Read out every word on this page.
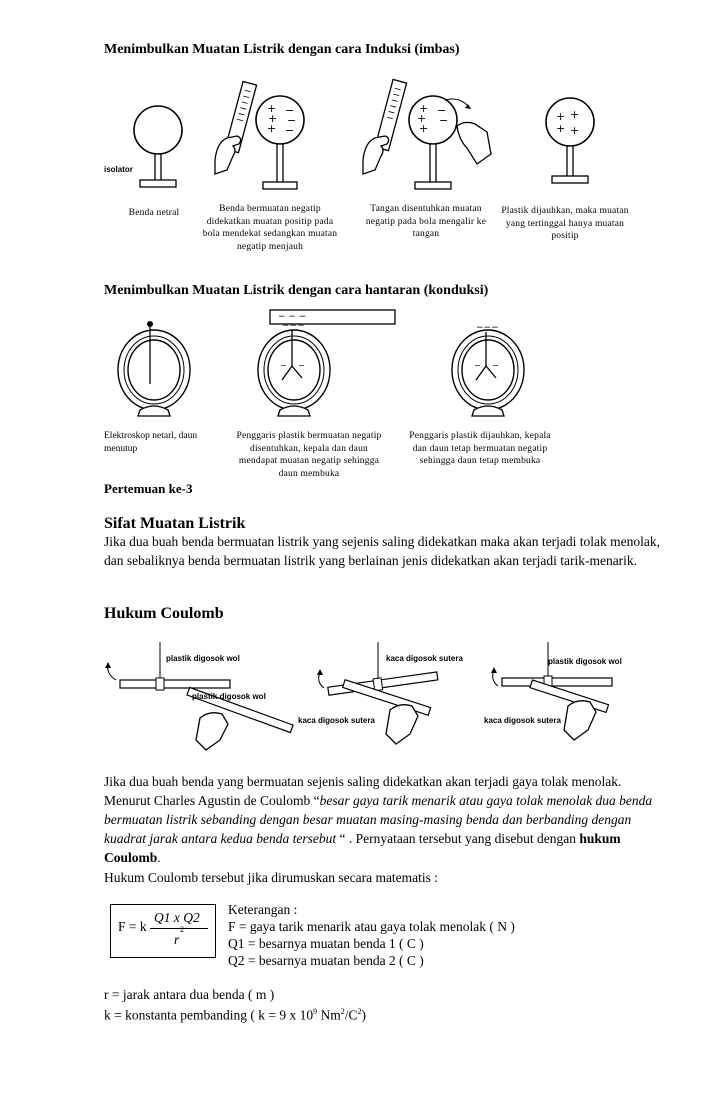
Menimbulkan Muatan Listrik dengan cara Induksi (imbas)
isolator
+
+
+
−
−
−
+
+
+
−
−	+ +
+ +
Benda netral	Benda bermuatan negatip didekatkan muatan positip pada bola mendekat sedangkan muatan negatip menjauh
Tangan disentuhkan muatan negatip pada bola mengalir ke tangan
Plastik dijauhkan, maka muatan yang tertinggal hanya muatan positip
Menimbulkan Muatan Listrik dengan cara hantaran (konduksi)
− − −
−−−
− −
−−−
− −
Elektroskop netarl, daun menutup
Penggaris plastik bermuatan negatip disentuhkan, kepala dan daun mendapat muatan negatip sehingga daun membuka
Penggaris plastik dijauhkan, kepala dan daun tetap bermuatan negatip sehingga daun tetap membuka
Pertemuan ke-3
Sifat Muatan Listrik
Jika dua buah benda bermuatan listrik yang sejenis saling didekatkan maka akan terjadi tolak menolak, dan sebaliknya benda bermuatan listrik yang berlainan jenis didekatkan akan terjadi tarik-menarik.
Hukum Coulomb
plastik digosok wol
plastik digosok wol
kaca digosok sutera
kaca digosok sutera
plastik digosok wol
kaca digosok sutera
Jika dua buah benda yang bermuatan sejenis saling didekatkan akan terjadi gaya tolak menolak. Menurut Charles Agustin de Coulomb “besar gaya tarik menarik atau gaya tolak menolak dua benda bermuatan listrik sebanding dengan besar muatan masing-masing benda dan berbanding dengan kuadrat jarak antara kedua benda tersebut “ . Pernyataan tersebut yang disebut dengan hukum Coulomb.
Hukum Coulomb tersebut jika dirumuskan secara matematis :
F = k
Q1 x Q2
r
2
Keterangan :
F = gaya tarik menarik atau gaya tolak menolak ( N )
Q1 = besarnya muatan benda 1 ( C )
Q2 = besarnya muatan benda 2 ( C )
r = jarak antara dua benda ( m )
k = konstanta pembanding ( k = 9 x $10^9$ $Nm^2/C^2$)
